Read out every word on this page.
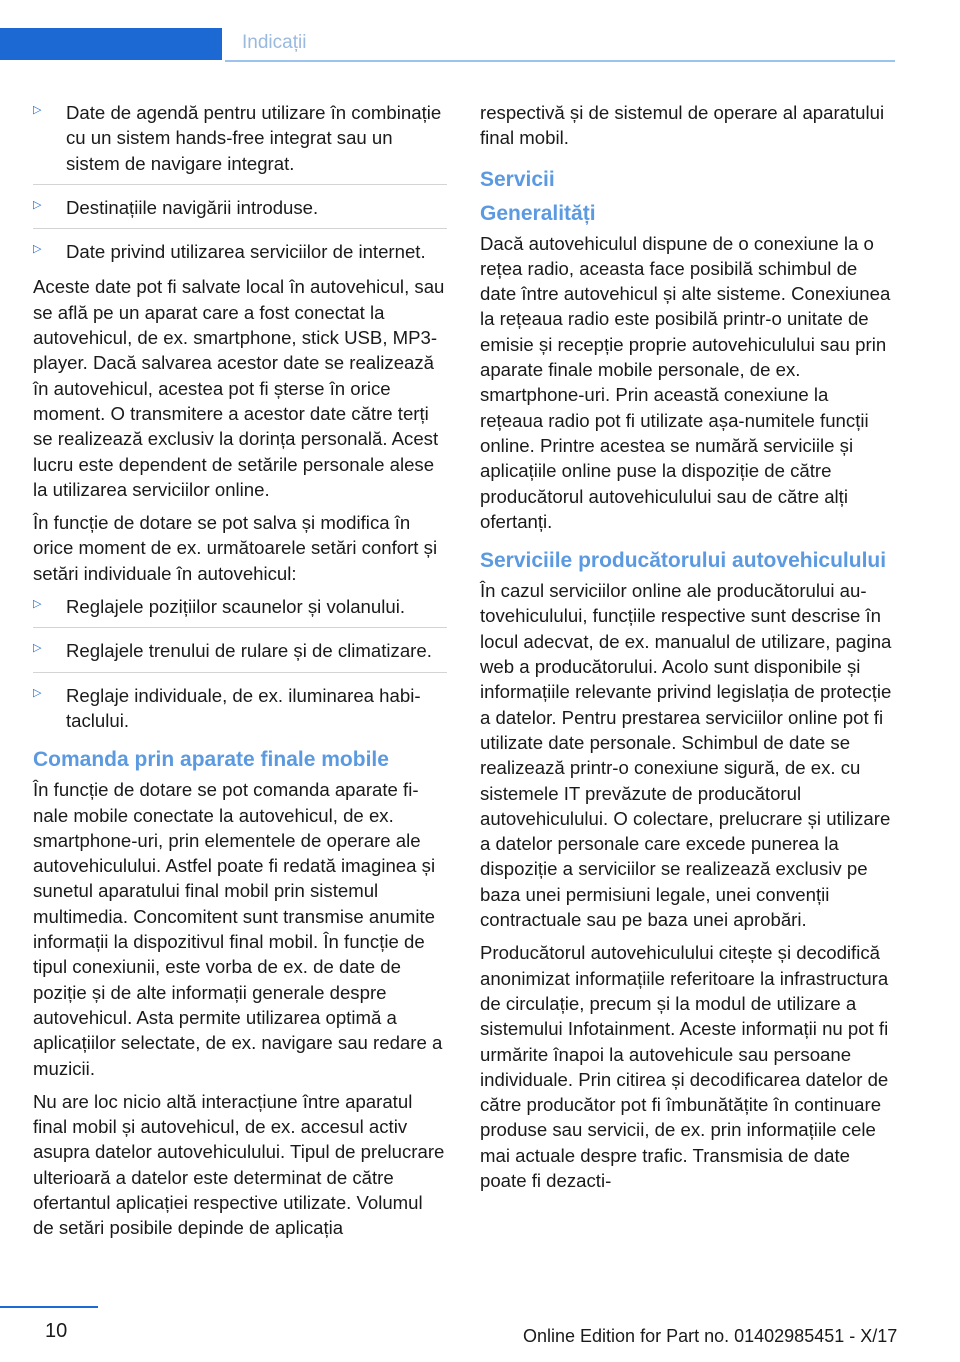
Indicații
▷ Date de agendă pentru utilizare în combinație cu un sistem hands-free integrat sau un sistem de navigare integrat.
▷ Destinațiile navigării introduse.
▷ Date privind utilizarea serviciilor de internet.

Aceste date pot fi salvate local în autovehicul, sau se află pe un aparat care a fost conectat la autovehicul, de ex. smartphone, stick USB, MP3-player. Dacă salvarea acestor date se realizează în autovehicul, acestea pot fi șterse în orice moment. O transmitere a acestor date către terți se realizează exclusiv la dorința personală. Acest lucru este dependent de setările personale alese la utilizarea serviciilor online.

În funcție de dotare se pot salva și modifica în orice moment de ex. următoarele setări confort și setări individuale în autovehicul:

▷ Reglajele pozițiilor scaunelor și volanului.
▷ Reglajele trenului de rulare și de climatizare.
▷ Reglaje individuale, de ex. iluminarea habitaclului.
Comanda prin aparate finale mobile

În funcție de dotare se pot comanda aparate finale mobile conectate la autovehicul, de ex. smartphone-uri, prin elementele de operare ale autovehiculului. Astfel poate fi redată imaginea și sunetul aparatului final mobil prin sistemul multimedia. Concomitent sunt transmise anumite informații la dispozitivul final mobil. În funcție de tipul conexiunii, este vorba de ex. de date de poziție și de alte informații generale despre autovehicul. Asta permite utilizarea optimă a aplicațiilor selectate, de ex. navigare sau redare a muzicii.

Nu are loc nicio altă interacțiune între aparatul final mobil și autovehicul, de ex. accesul activ asupra datelor autovehiculului. Tipul de prelucrare ulterioară a datelor este determinat de către ofertantul aplicației respective utilizate. Volumul de setări posibile depinde de aplicația

respectivă și de sistemul de operare al aparatului final mobil.

Servicii
Generalități

Dacă autovehiculul dispune de o conexiune la o rețea radio, aceasta face posibilă schimbul de date între autovehicul și alte sisteme. Conexiunea la rețeaua radio este posibilă printr-o unitate de emisie și recepție proprie autovehiculului sau prin aparate finale mobile personale, de ex. smartphone-uri. Prin această conexiune la rețeaua radio pot fi utilizate așa-numitele funcții online. Printre acestea se numără serviciile și aplicațiile online puse la dispoziție de către producătorul autovehiculului sau de către alți ofertanți.

Serviciile producătorului autovehiculului

În cazul serviciilor online ale producătorului autovehiculului, funcțiile respective sunt descrise în locul adecvat, de ex. manualul de utilizare, pagina web a producătorului. Acolo sunt disponibile și informațiile relevante privind legislația de protecție a datelor. Pentru prestarea serviciilor online pot fi utilizate date personale. Schimbul de date se realizează printr-o conexiune sigură, de ex. cu sistemele IT prevăzute de producătorul autovehiculului. O colectare, prelucrare și utilizare a datelor personale care excede punerea la dispoziție a serviciilor se realizează exclusiv pe baza unei permisiuni legale, unei convenții contractuale sau pe baza unei aprobări.

Producătorul autovehiculului citește și decodifică anonimizat informațiile referitoare la infrastructura de circulație, precum și la modul de utilizare a sistemului Infotainment. Aceste informații nu pot fi urmărite înapoi la autovehicule sau persoane individuale. Prin citirea și decodificarea datelor de către producător pot fi îmbunătățite în continuare produse sau servicii, de ex. prin informațiile cele mai actuale despre trafic. Transmisia de date poate fi dezacti-

10	Online Edition for Part no. 01402985451 - X/17
